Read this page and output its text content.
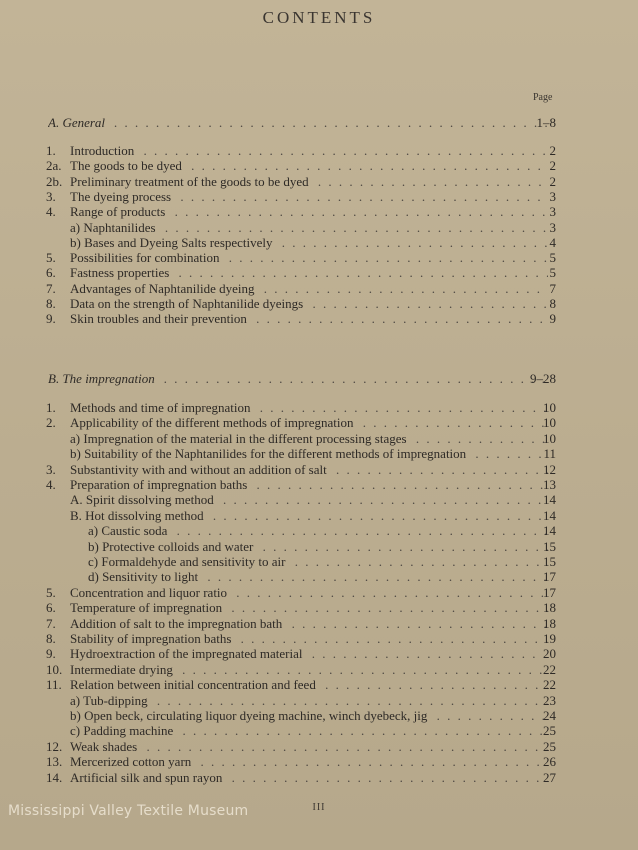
CONTENTS
Page
A. General . . .	1–8
1.	Introduction . . .	2
2a. The goods to be dyed . . .	2
2b. Preliminary treatment of the goods to be dyed . . .	2
3.	The dyeing process . . .	3
4.	Range of products . . .	3
a) Naphtanilides . . .	3
b) Bases and Dyeing Salts respectively . . .	4
5.	Possibilities for combination . . .	5
6.	Fastness properties . . .	5
7.	Advantages of Naphtanilide dyeing . . .	7
8.	Data on the strength of Naphtanilide dyeings . . .	8
9.	Skin troubles and their prevention . . .	9
B. The impregnation . . .	9–28
1.	Methods and time of impregnation . . .	10
2.	Applicability of the different methods of impregnation . . .	10
a) Impregnation of the material in the different processing stages . . .	10
b) Suitability of the Naphtanilides for the different methods of impregnation . . .	11
3.	Substantivity with and without an addition of salt . . .	12
4.	Preparation of impregnation baths . . .	13
A. Spirit dissolving method . . .	14
B. Hot dissolving method . . .	14
a) Caustic soda . . .	14
b) Protective colloids and water . . .	15
c) Formaldehyde and sensitivity to air . . .	15
d) Sensitivity to light . . .	17
5.	Concentration and liquor ratio . . .	17
6.	Temperature of impregnation . . .	18
7.	Addition of salt to the impregnation bath . . .	18
8.	Stability of impregnation baths . . .	19
9.	Hydroextraction of the impregnated material . . .	20
10. Intermediate drying . . .	22
11. Relation between initial concentration and feed . . .	22
a) Tub-dipping . . .	23
b) Open beck, circulating liquor dyeing machine, winch dyebeck, jig . . .	24
c) Padding machine . . .	25
12. Weak shades . . .	25
13. Mercerized cotton yarn . . .	26
14. Artificial silk and spun rayon . . .	27
III
Mississippi Valley Textile Museum
